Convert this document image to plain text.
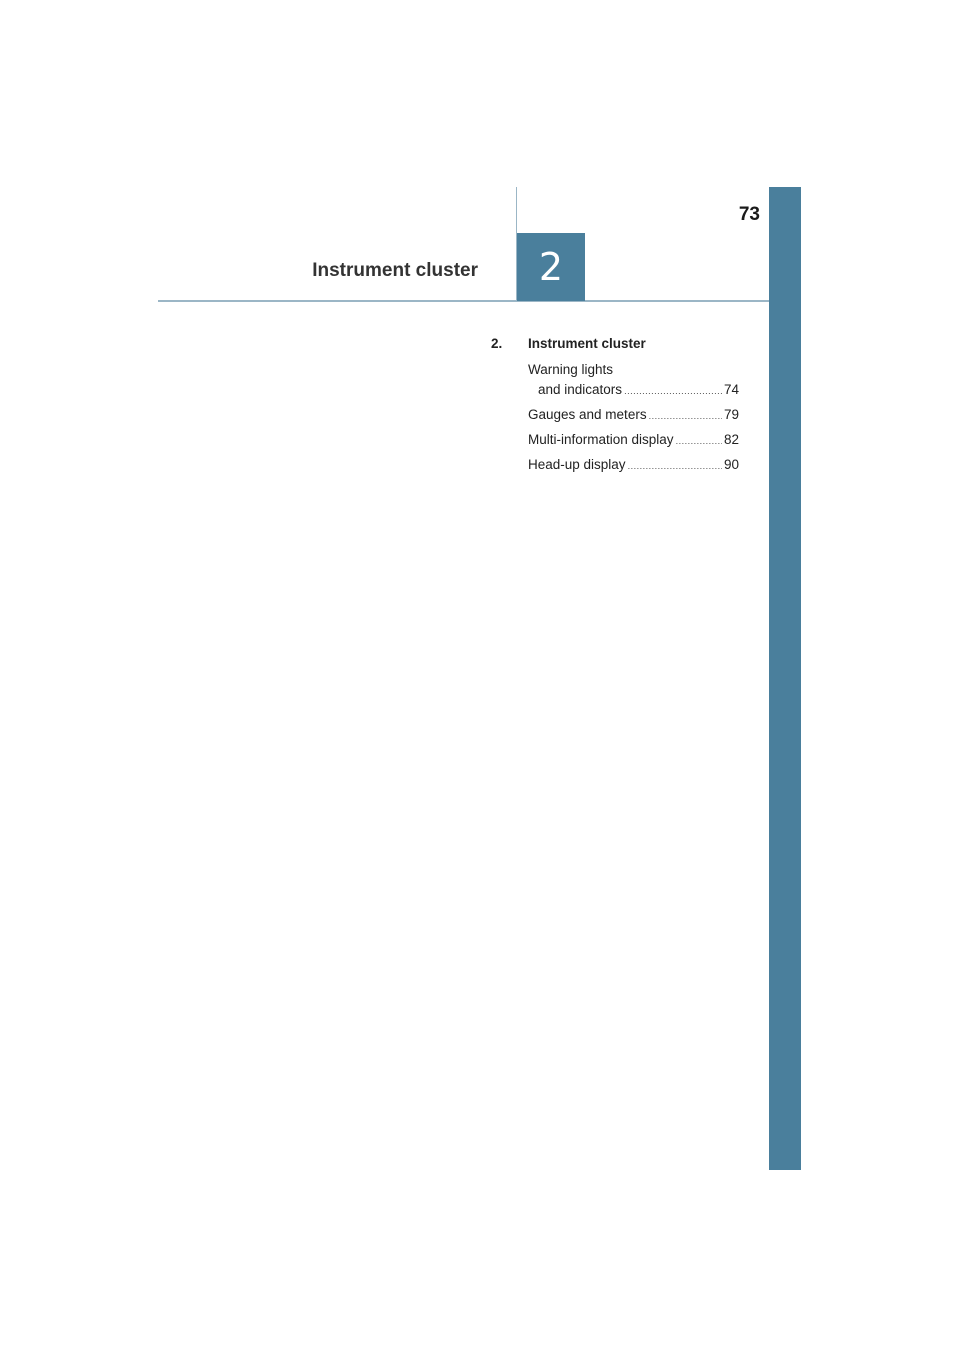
73
Instrument cluster	2
2. Instrument cluster
Warning lights
and indicators .....	74
Gauges and meters .....	79
Multi-information display .....	82
Head-up display .....	90
